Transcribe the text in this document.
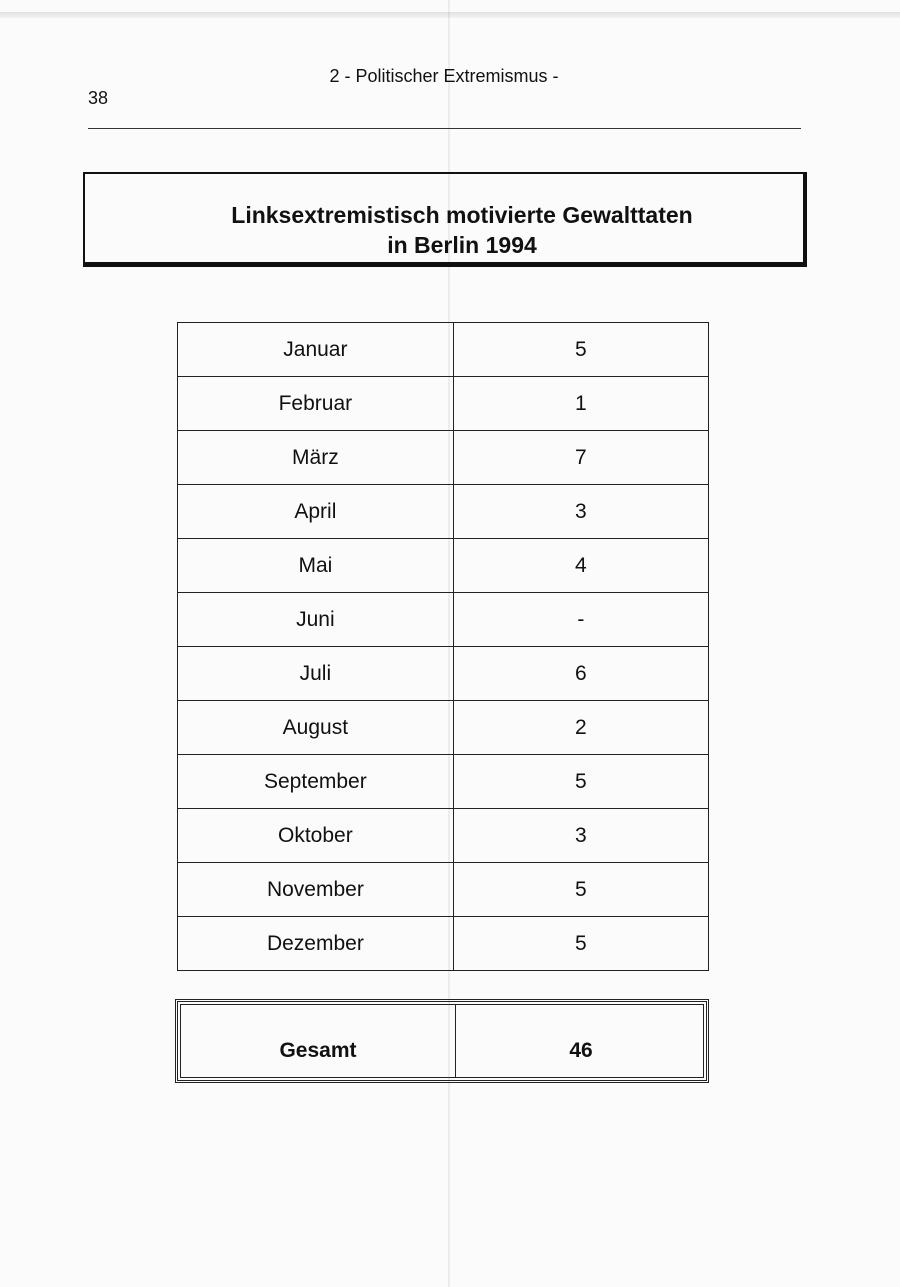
38
2 - Politischer Extremismus -
Linksextremistisch motivierte Gewalttaten
in Berlin 1994
Januar	5
Februar	1
März	7
April	3
Mai	4
Juni	-
Juli	6
August	2
September	5
Oktober	3
November	5
Dezember	5
Gesamt	46
